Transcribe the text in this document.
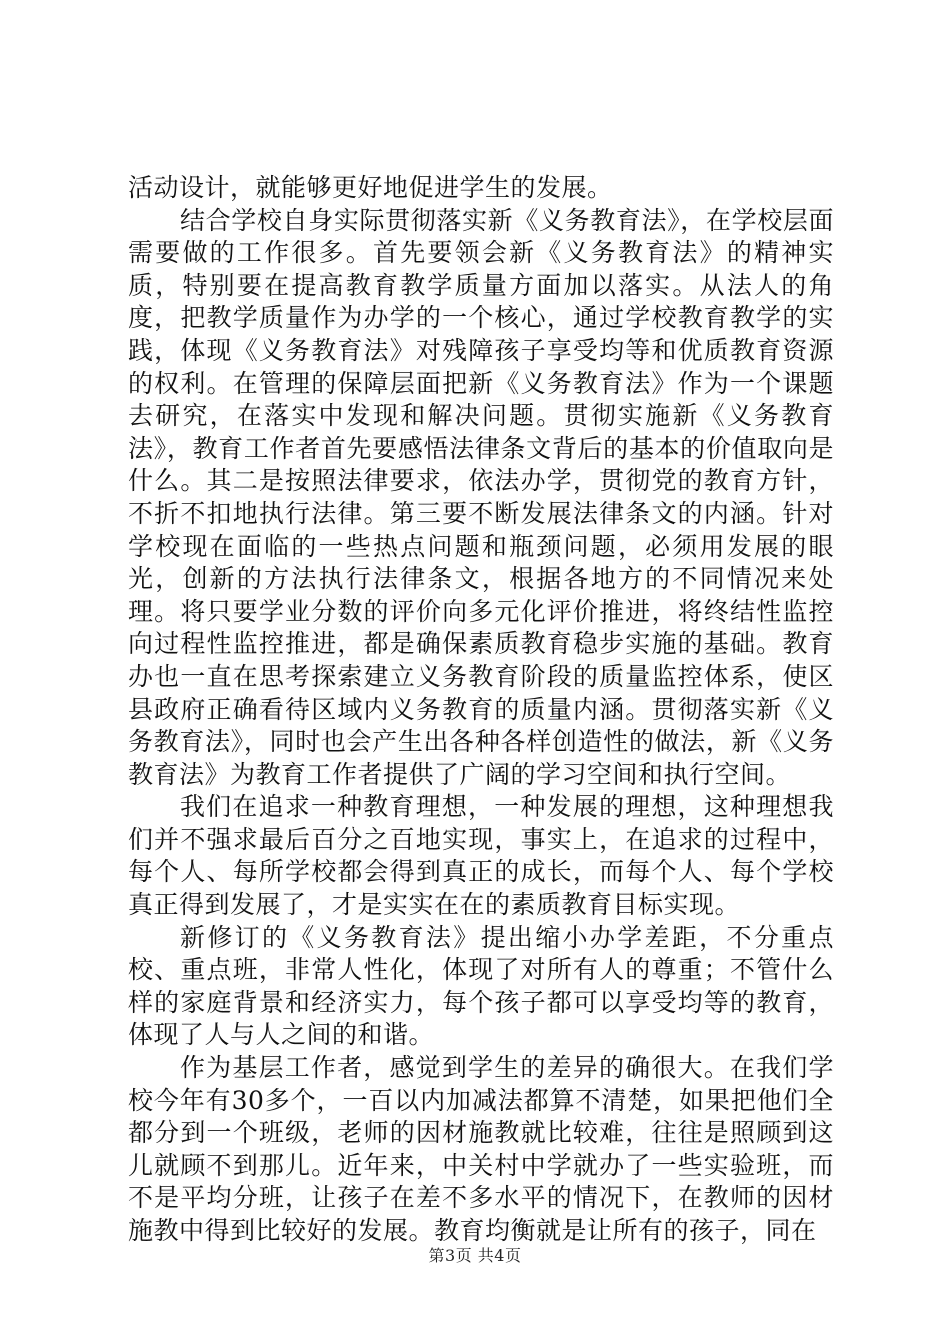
活动设计，就能够更好地促进学生的发展。

结合学校自身实际贯彻落实新《义务教育法》，在学校层面需要做的工作很多。首先要领会新《义务教育法》的精神实质，特别要在提高教育教学质量方面加以落实。从法人的角度，把教学质量作为办学的一个核心，通过学校教育教学的实践，体现《义务教育法》对残障孩子享受均等和优质教育资源的权利。在管理的保障层面把新《义务教育法》作为一个课题去研究，在落实中发现和解决问题。贯彻实施新《义务教育法》，教育工作者首先要感悟法律条文背后的基本的价值取向是什么。其二是按照法律要求，依法办学，贯彻党的教育方针，不折不扣地执行法律。第三要不断发展法律条文的内涵。针对学校现在面临的一些热点问题和瓶颈问题，必须用发展的眼光，创新的方法执行法律条文，根据各地方的不同情况来处理。将只要学业分数的评价向多元化评价推进，将终结性监控向过程性监控推进，都是确保素质教育稳步实施的基础。教育办也一直在思考探索建立义务教育阶段的质量监控体系，使区县政府正确看待区域内义务教育的质量内涵。贯彻落实新《义务教育法》，同时也会产生出各种各样创造性的做法，新《义务教育法》为教育工作者提供了广阔的学习空间和执行空间。

我们在追求一种教育理想，一种发展的理想，这种理想我们并不强求最后百分之百地实现，事实上，在追求的过程中，每个人、每所学校都会得到真正的成长，而每个人、每个学校真正得到发展了，才是实实在在的素质教育目标实现。

新修订的《义务教育法》提出缩小办学差距，不分重点校、重点班，非常人性化，体现了对所有人的尊重；不管什么样的家庭背景和经济实力，每个孩子都可以享受均等的教育，体现了人与人之间的和谐。

作为基层工作者，感觉到学生的差异的确很大。在我们学校今年有30多个，一百以内加减法都算不清楚，如果把他们全都分到一个班级，老师的因材施教就比较难，往往是照顾到这儿就顾不到那儿。近年来，中关村中学就办了一些实验班，而不是平均分班，让孩子在差不多水平的情况下，在教师的因材施教中得到比较好的发展。教育均衡就是让所有的孩子，同在

第3页 共4页
